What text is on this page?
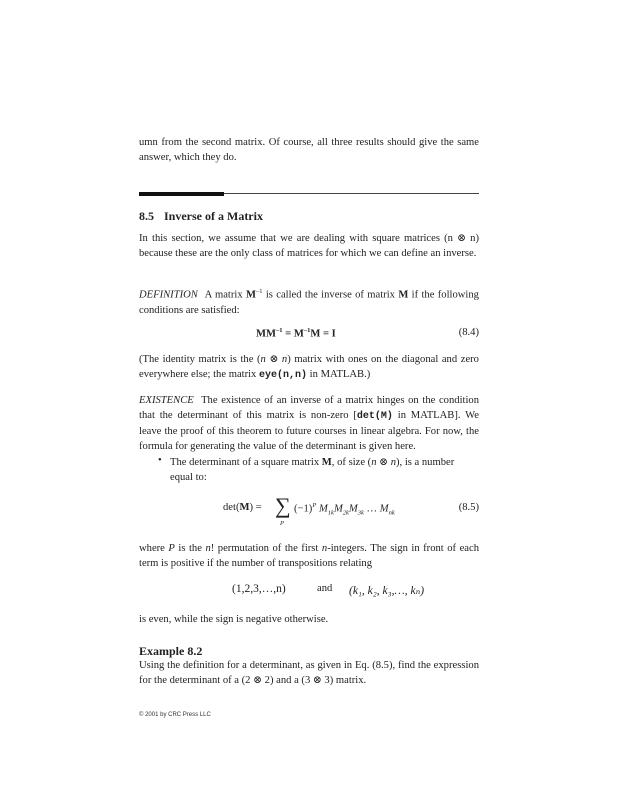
umn from the second matrix. Of course, all three results should give the same answer, which they do.

8.5 Inverse of a Matrix

In this section, we assume that we are dealing with square matrices (n ⊗ n) because these are the only class of matrices for which we can define an inverse.

DEFINITION A matrix $M^{-1}$ is called the inverse of matrix M if the following conditions are satisfied:

$MM^{-1} = M^{-1}M = I$	(8.4)

(The identity matrix is the (n ⊗ n) matrix with ones on the diagonal and zero everywhere else; the matrix eye(n,n) in MATLAB.)

EXISTENCE The existence of an inverse of a matrix hinges on the condition that the determinant of this matrix is non-zero [det(M) in MATLAB]. We leave the proof of this theorem to future courses in linear algebra. For now, the formula for generating the value of the determinant is given here.

• The determinant of a square matrix M, of size (n ⊗ n), is a number equal to:

det(M) = ∑
P
$(-1)^P$ $M_{1k}M_{2k}M_{3k}$ … $M_{nk}$
(8.5)

where P is the n! permutation of the first n-integers. The sign in front of each term is positive if the number of transpositions relating

(1,2,3,…,n)	and (k₁, k₂, k₃,…, kₙ)

is even, while the sign is negative otherwise.

Example 8.2

Using the definition for a determinant, as given in Eq. (8.5), find the expression for the determinant of a (2 ⊗ 2) and a (3 ⊗ 3) matrix.

© 2001 by CRC Press LLC
